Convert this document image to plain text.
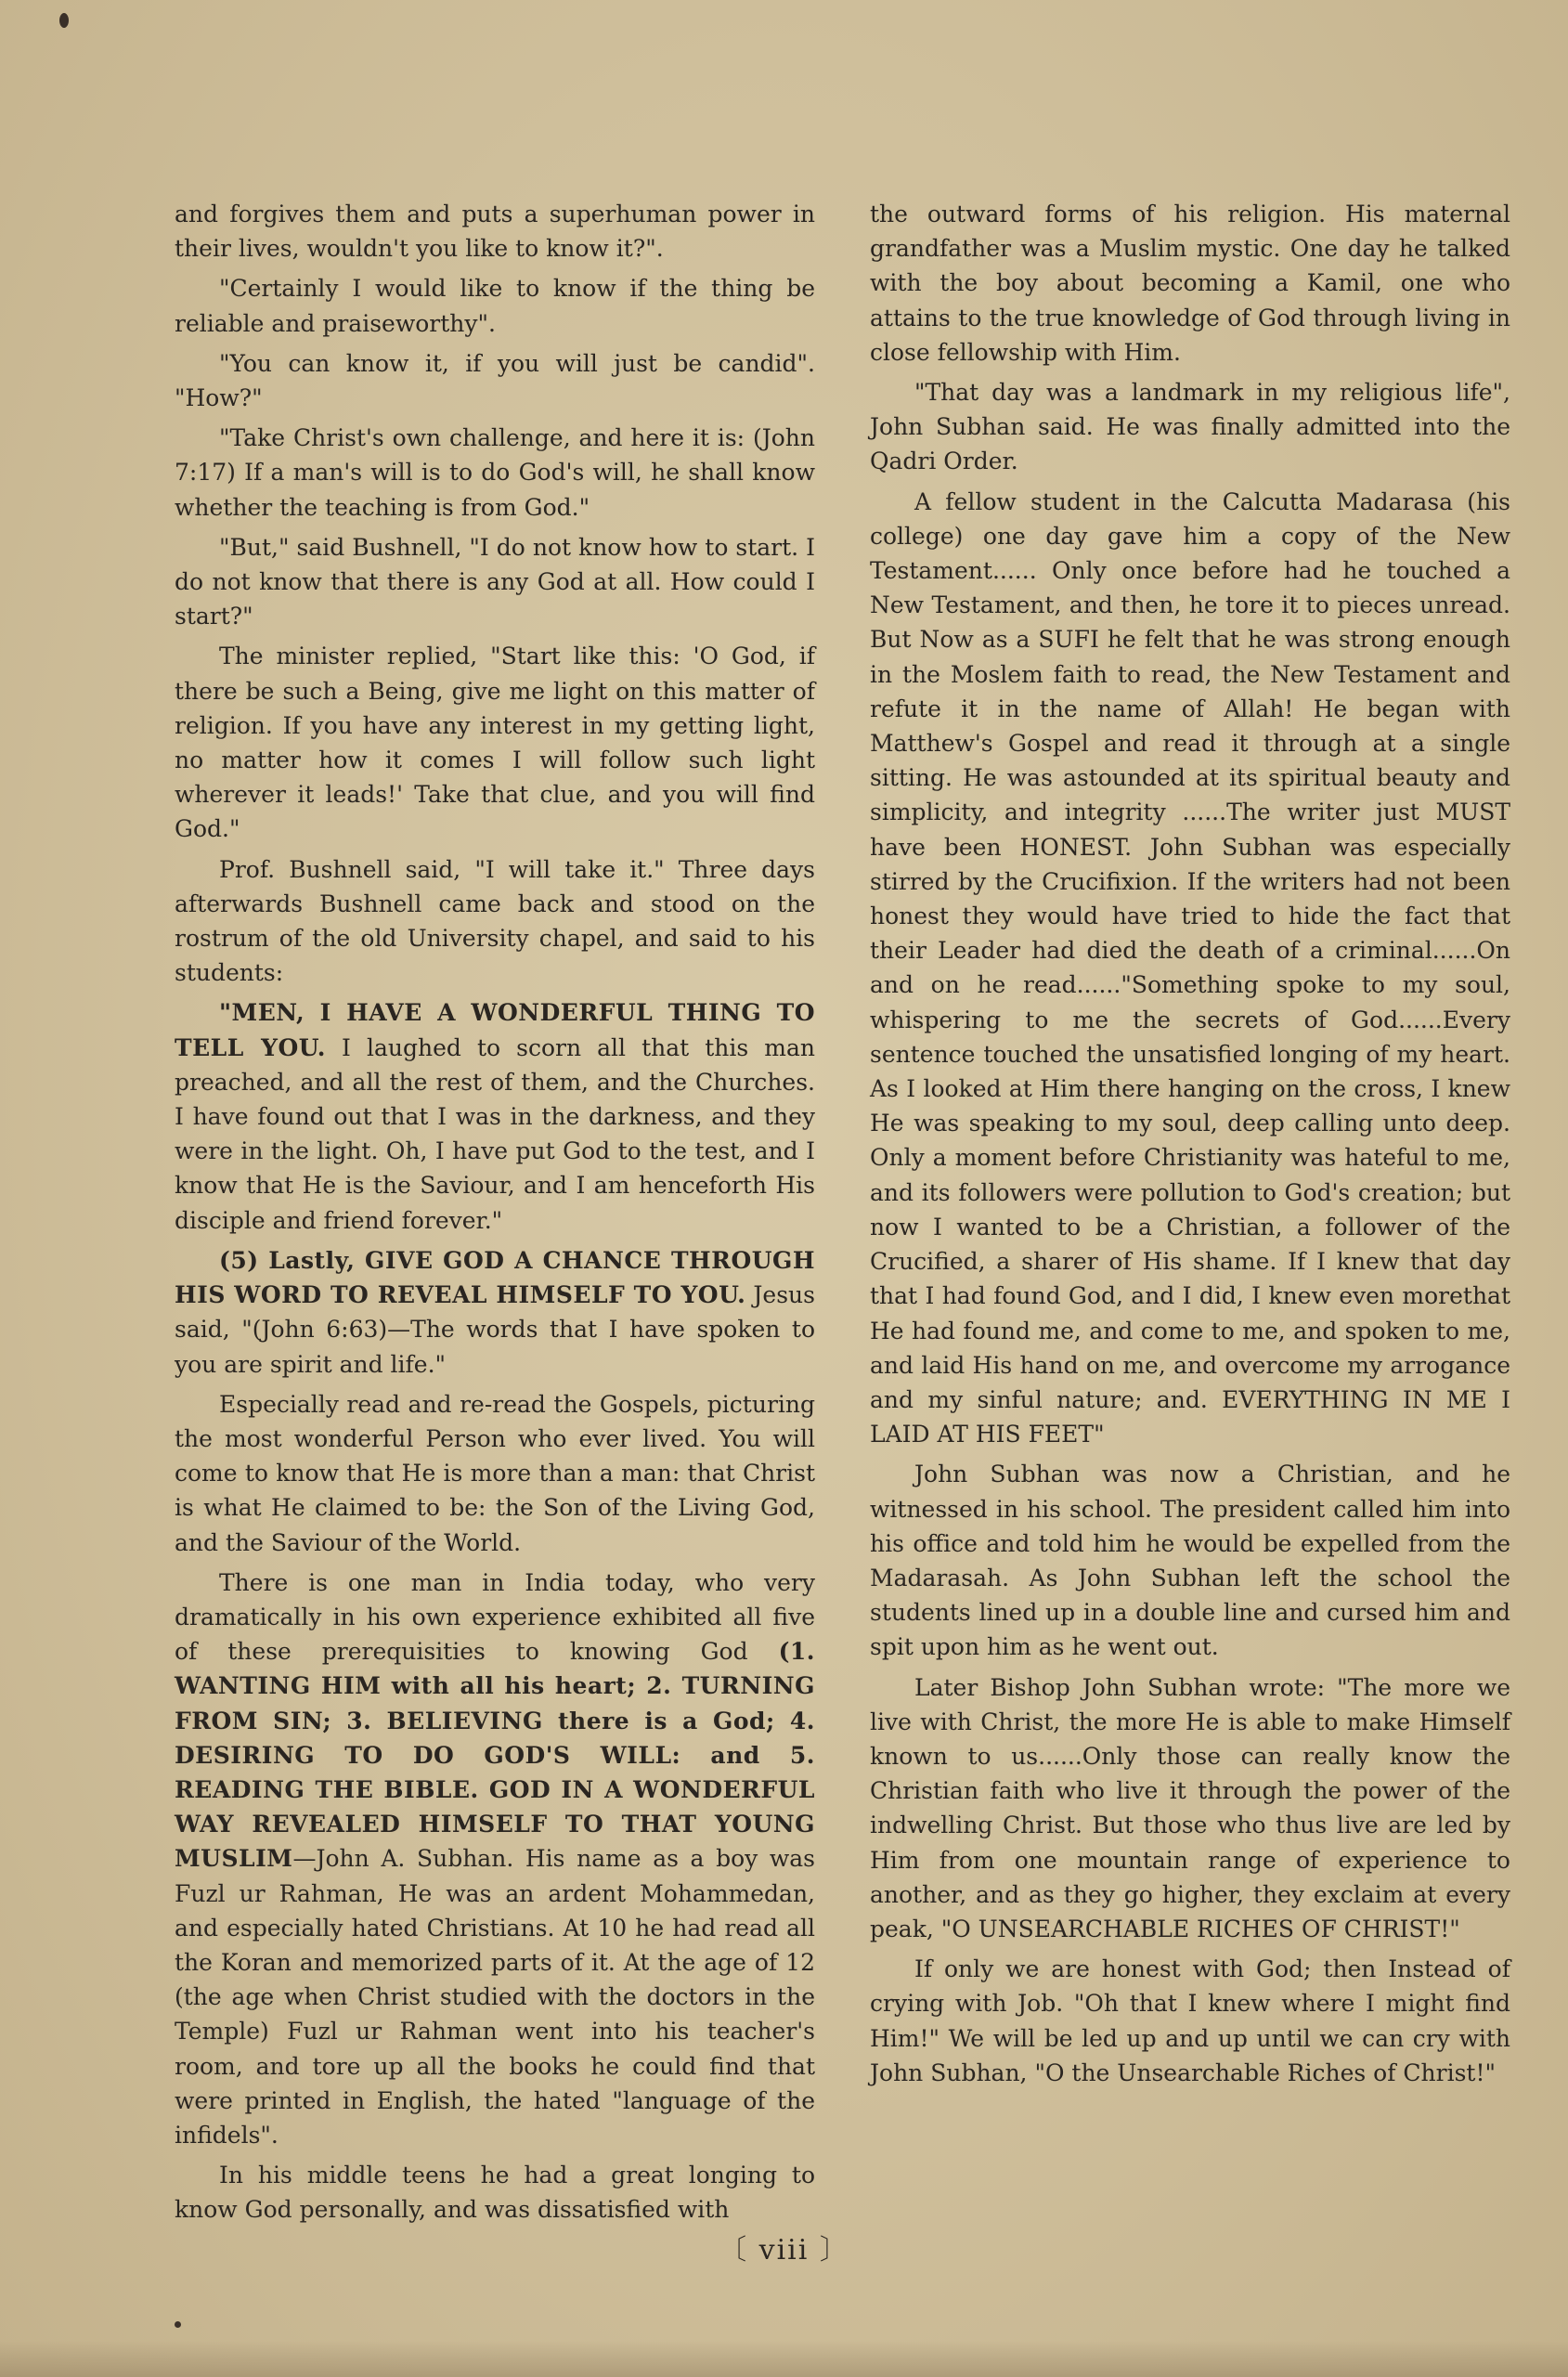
and forgives them and puts a superhuman power in their lives, wouldn't you like to know it?".

"Certainly I would like to know if the thing be reliable and praiseworthy".

"You can know it, if you will just be candid". "How?"

"Take Christ's own challenge, and here it is: (John 7:17) If a man's will is to do God's will, he shall know whether the teaching is from God."

"But," said Bushnell, "I do not know how to start. I do not know that there is any God at all. How could I start?"

The minister replied, "Start like this: 'O God, if there be such a Being, give me light on this matter of religion. If you have any interest in my getting light, no matter how it comes I will follow such light wherever it leads!' Take that clue, and you will find God."

Prof. Bushnell said, "I will take it." Three days afterwards Bushnell came back and stood on the rostrum of the old University chapel, and said to his students:

"MEN, I HAVE A WONDERFUL THING TO TELL YOU. I laughed to scorn all that this man preached, and all the rest of them, and the Churches. I have found out that I was in the darkness, and they were in the light. Oh, I have put God to the test, and I know that He is the Saviour, and I am henceforth His disciple and friend forever."

(5) Lastly, GIVE GOD A CHANCE THROUGH HIS WORD TO REVEAL HIMSELF TO YOU. Jesus said, "(John 6:63)—The words that I have spoken to you are spirit and life."

Especially read and re-read the Gospels, picturing the most wonderful Person who ever lived. You will come to know that He is more than a man: that Christ is what He claimed to be: the Son of the Living God, and the Saviour of the World.

There is one man in India today, who very dramatically in his own experience exhibited all five of these prerequisities to knowing God (1. WANTING HIM with all his heart; 2. TURNING FROM SIN; 3. BELIEVING there is a God; 4. DESIRING TO DO GOD'S WILL: and 5. READING THE BIBLE. GOD IN A WONDERFUL WAY REVEALED HIMSELF TO THAT YOUNG MUSLIM—John A. Subhan. His name as a boy was Fuzl ur Rahman, He was an ardent Mohammedan, and especially hated Christians. At 10 he had read all the Koran and memorized parts of it. At the age of 12 (the age when Christ studied with the doctors in the Temple) Fuzl ur Rahman went into his teacher's room, and tore up all the books he could find that were printed in English, the hated "language of the infidels".

In his middle teens he had a great longing to know God personally, and was dissatisfied with

the outward forms of his religion. His maternal grandfather was a Muslim mystic. One day he talked with the boy about becoming a Kamil, one who attains to the true knowledge of God through living in close fellowship with Him.

"That day was a landmark in my religious life", John Subhan said. He was finally admitted into the Qadri Order.

A fellow student in the Calcutta Madarasa (his college) one day gave him a copy of the New Testament...... Only once before had he touched a New Testament, and then, he tore it to pieces unread. But Now as a SUFI he felt that he was strong enough in the Moslem faith to read, the New Testament and refute it in the name of Allah! He began with Matthew's Gospel and read it through at a single sitting. He was astounded at its spiritual beauty and simplicity, and integrity ......The writer just MUST have been HONEST. John Subhan was especially stirred by the Crucifixion. If the writers had not been honest they would have tried to hide the fact that their Leader had died the death of a criminal......On and on he read......"Something spoke to my soul, whispering to me the secrets of God......Every sentence touched the unsatisfied longing of my heart. As I looked at Him there hanging on the cross, I knew He was speaking to my soul, deep calling unto deep. Only a moment before Christianity was hateful to me, and its followers were pollution to God's creation; but now I wanted to be a Christian, a follower of the Crucified, a sharer of His shame. If I knew that day that I had found God, and I did, I knew even morethat He had found me, and come to me, and spoken to me, and laid His hand on me, and overcome my arrogance and my sinful nature; and. EVERYTHING IN ME I LAID AT HIS FEET"

John Subhan was now a Christian, and he witnessed in his school. The president called him into his office and told him he would be expelled from the Madarasah. As John Subhan left the school the students lined up in a double line and cursed him and spit upon him as he went out.

Later Bishop John Subhan wrote: "The more we live with Christ, the more He is able to make Himself known to us......Only those can really know the Christian faith who live it through the power of the indwelling Christ. But those who thus live are led by Him from one mountain range of experience to another, and as they go higher, they exclaim at every peak, "O UNSEARCHABLE RICHES OF CHRIST!"

If only we are honest with God; then Instead of crying with Job. "Oh that I knew where I might find Him!" We will be led up and up until we can cry with John Subhan, "O the Unsearchable Riches of Christ!"

〔 viii 〕
